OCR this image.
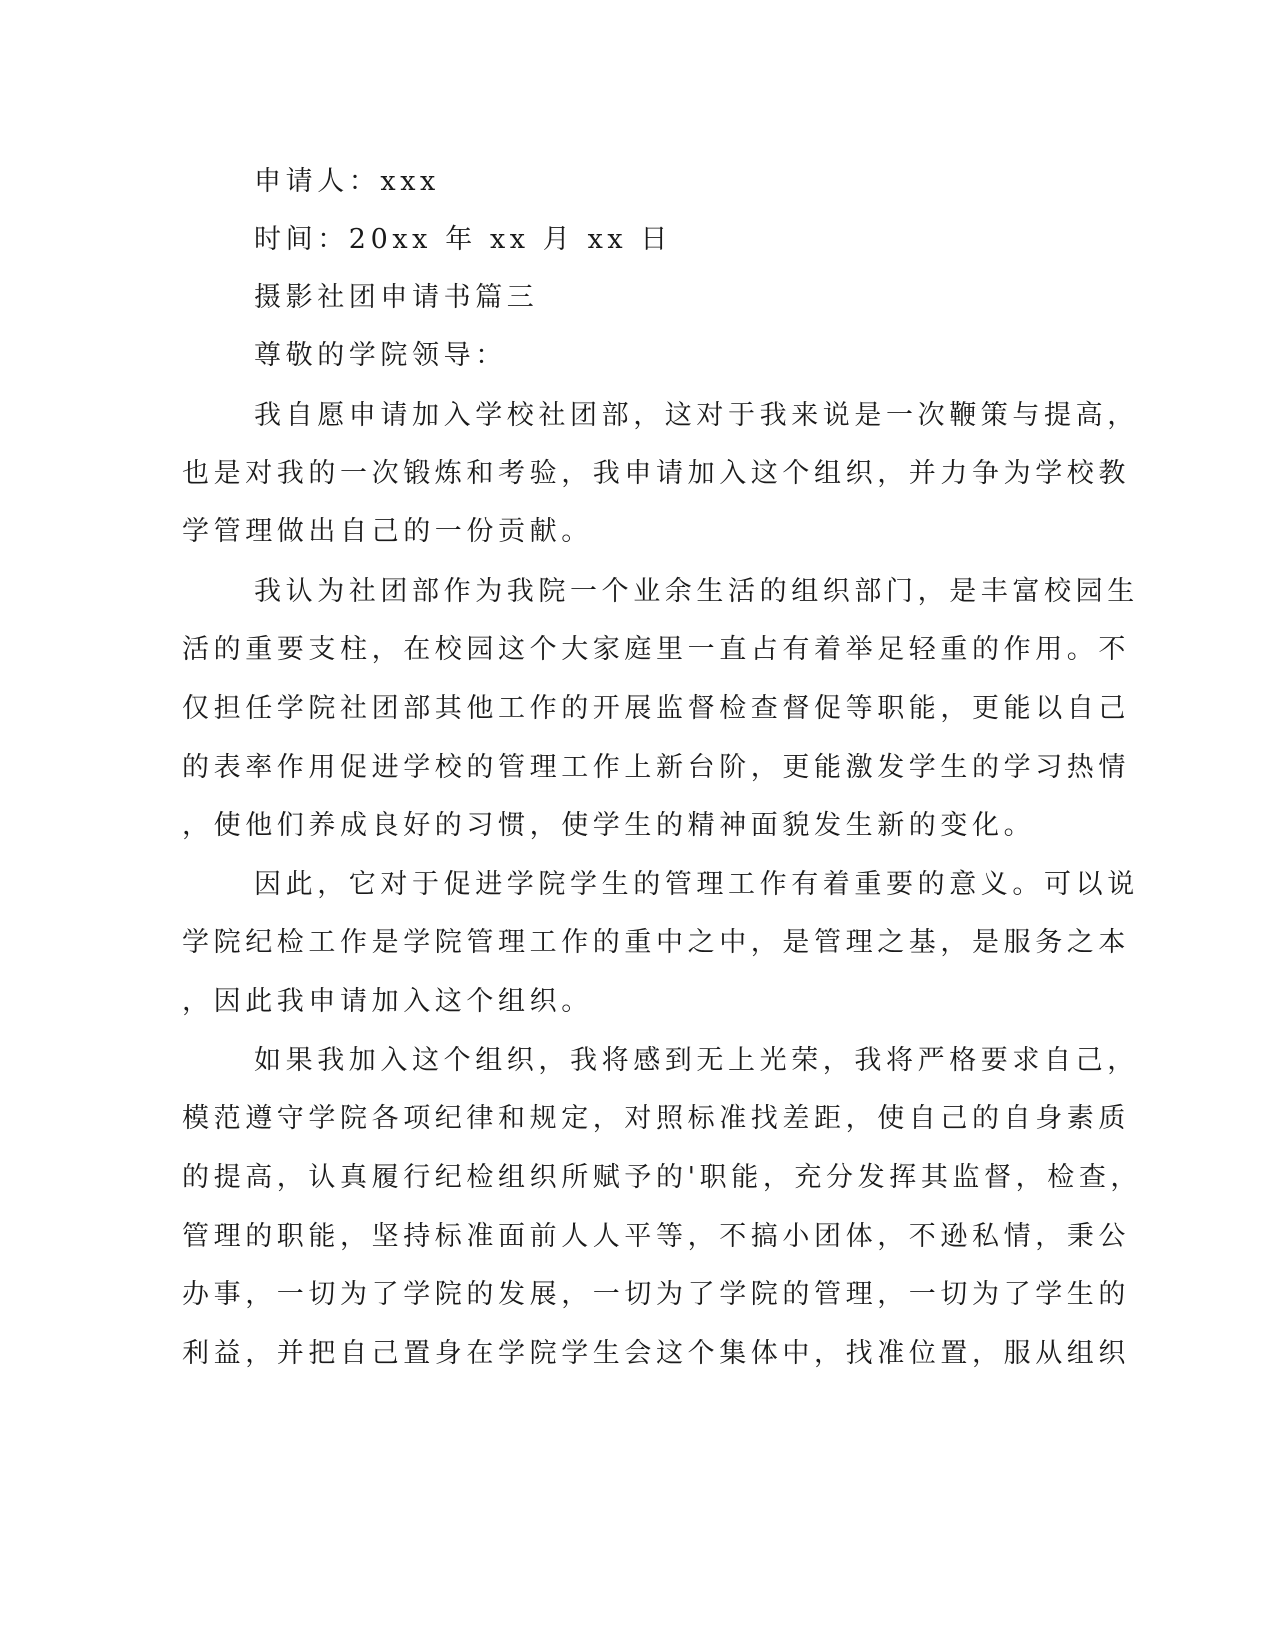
申请人：xxx

时间：20xx 年 xx 月 xx 日

摄影社团申请书篇三

尊敬的学院领导：

我自愿申请加入学校社团部，这对于我来说是一次鞭策与提高，

也是对我的一次锻炼和考验，我申请加入这个组织，并力争为学校教

学管理做出自己的一份贡献。

我认为社团部作为我院一个业余生活的组织部门，是丰富校园生

活的重要支柱，在校园这个大家庭里一直占有着举足轻重的作用。不

仅担任学院社团部其他工作的开展监督检查督促等职能，更能以自己

的表率作用促进学校的管理工作上新台阶，更能激发学生的学习热情

，使他们养成良好的习惯，使学生的精神面貌发生新的变化。

因此，它对于促进学院学生的管理工作有着重要的意义。可以说

学院纪检工作是学院管理工作的重中之中，是管理之基，是服务之本

，因此我申请加入这个组织。

如果我加入这个组织，我将感到无上光荣，我将严格要求自己，

模范遵守学院各项纪律和规定，对照标准找差距，使自己的自身素质

的提高，认真履行纪检组织所赋予的'职能，充分发挥其监督，检查，

管理的职能，坚持标准面前人人平等，不搞小团体，不逊私情，秉公

办事，一切为了学院的发展，一切为了学院的管理，一切为了学生的

利益，并把自己置身在学院学生会这个集体中，找准位置，服从组织
